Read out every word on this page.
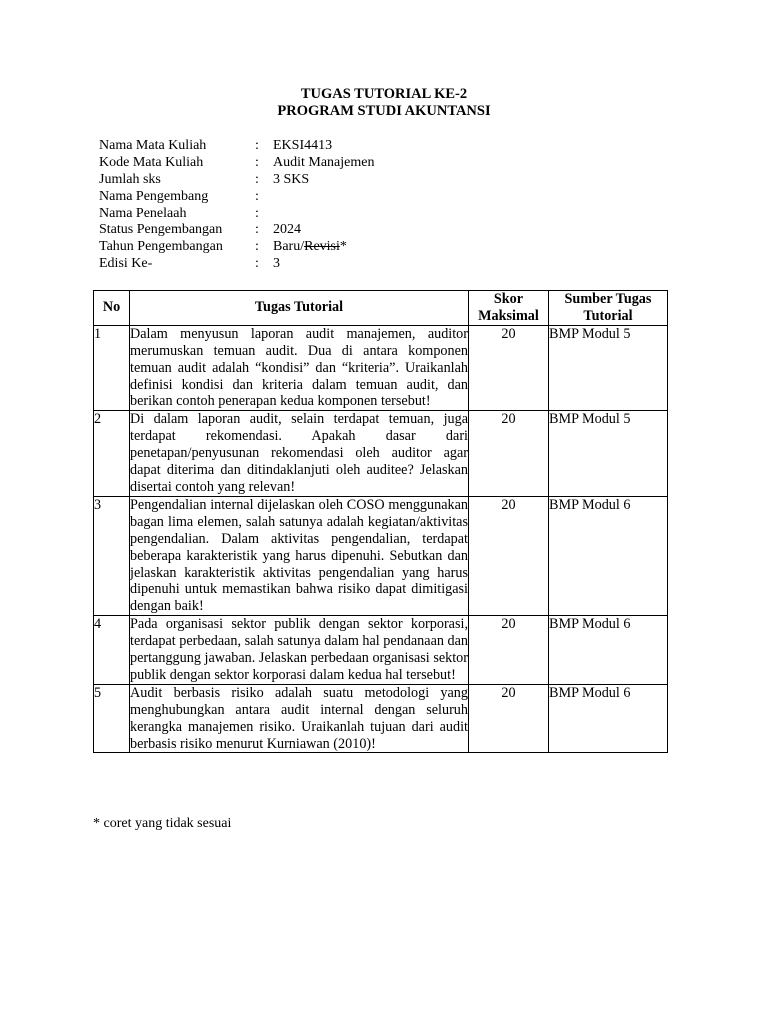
TUGAS TUTORIAL KE-2
PROGRAM STUDI AKUNTANSI
Nama Mata Kuliah	: EKSI4413
Kode Mata Kuliah	: Audit Manajemen
Jumlah sks	: 3 SKS
Nama Pengembang	:
Nama Penelaah	:
Status Pengembangan : 2024
Tahun Pengembangan : Baru/Revisi*
Edisi Ke-	: 3
No	Tugas Tutorial	Skor Maksimal	Sumber Tugas Tutorial
1	Dalam menyusun laporan audit manajemen, auditor merumuskan temuan audit. Dua di antara komponen temuan audit adalah “kondisi” dan “kriteria”. Uraikanlah definisi kondisi dan kriteria dalam temuan audit, dan berikan contoh penerapan kedua komponen tersebut!	20	BMP Modul 5
2	Di dalam laporan audit, selain terdapat temuan, juga terdapat rekomendasi. Apakah dasar dari penetapan/penyusunan rekomendasi oleh auditor agar dapat diterima dan ditindaklanjuti oleh auditee? Jelaskan disertai contoh yang relevan!	20	BMP Modul 5
3	Pengendalian internal dijelaskan oleh COSO menggunakan bagan lima elemen, salah satunya adalah kegiatan/aktivitas pengendalian. Dalam aktivitas pengendalian, terdapat beberapa karakteristik yang harus dipenuhi. Sebutkan dan jelaskan karakteristik aktivitas pengendalian yang harus dipenuhi untuk memastikan bahwa risiko dapat dimitigasi dengan baik!	20	BMP Modul 6
4	Pada organisasi sektor publik dengan sektor korporasi, terdapat perbedaan, salah satunya dalam hal pendanaan dan pertanggung jawaban. Jelaskan perbedaan organisasi sektor publik dengan sektor korporasi dalam kedua hal tersebut!	20	BMP Modul 6
5	Audit berbasis risiko adalah suatu metodologi yang menghubungkan antara audit internal dengan seluruh kerangka manajemen risiko. Uraikanlah tujuan dari audit berbasis risiko menurut Kurniawan (2010)!	20	BMP Modul 6
* coret yang tidak sesuai
